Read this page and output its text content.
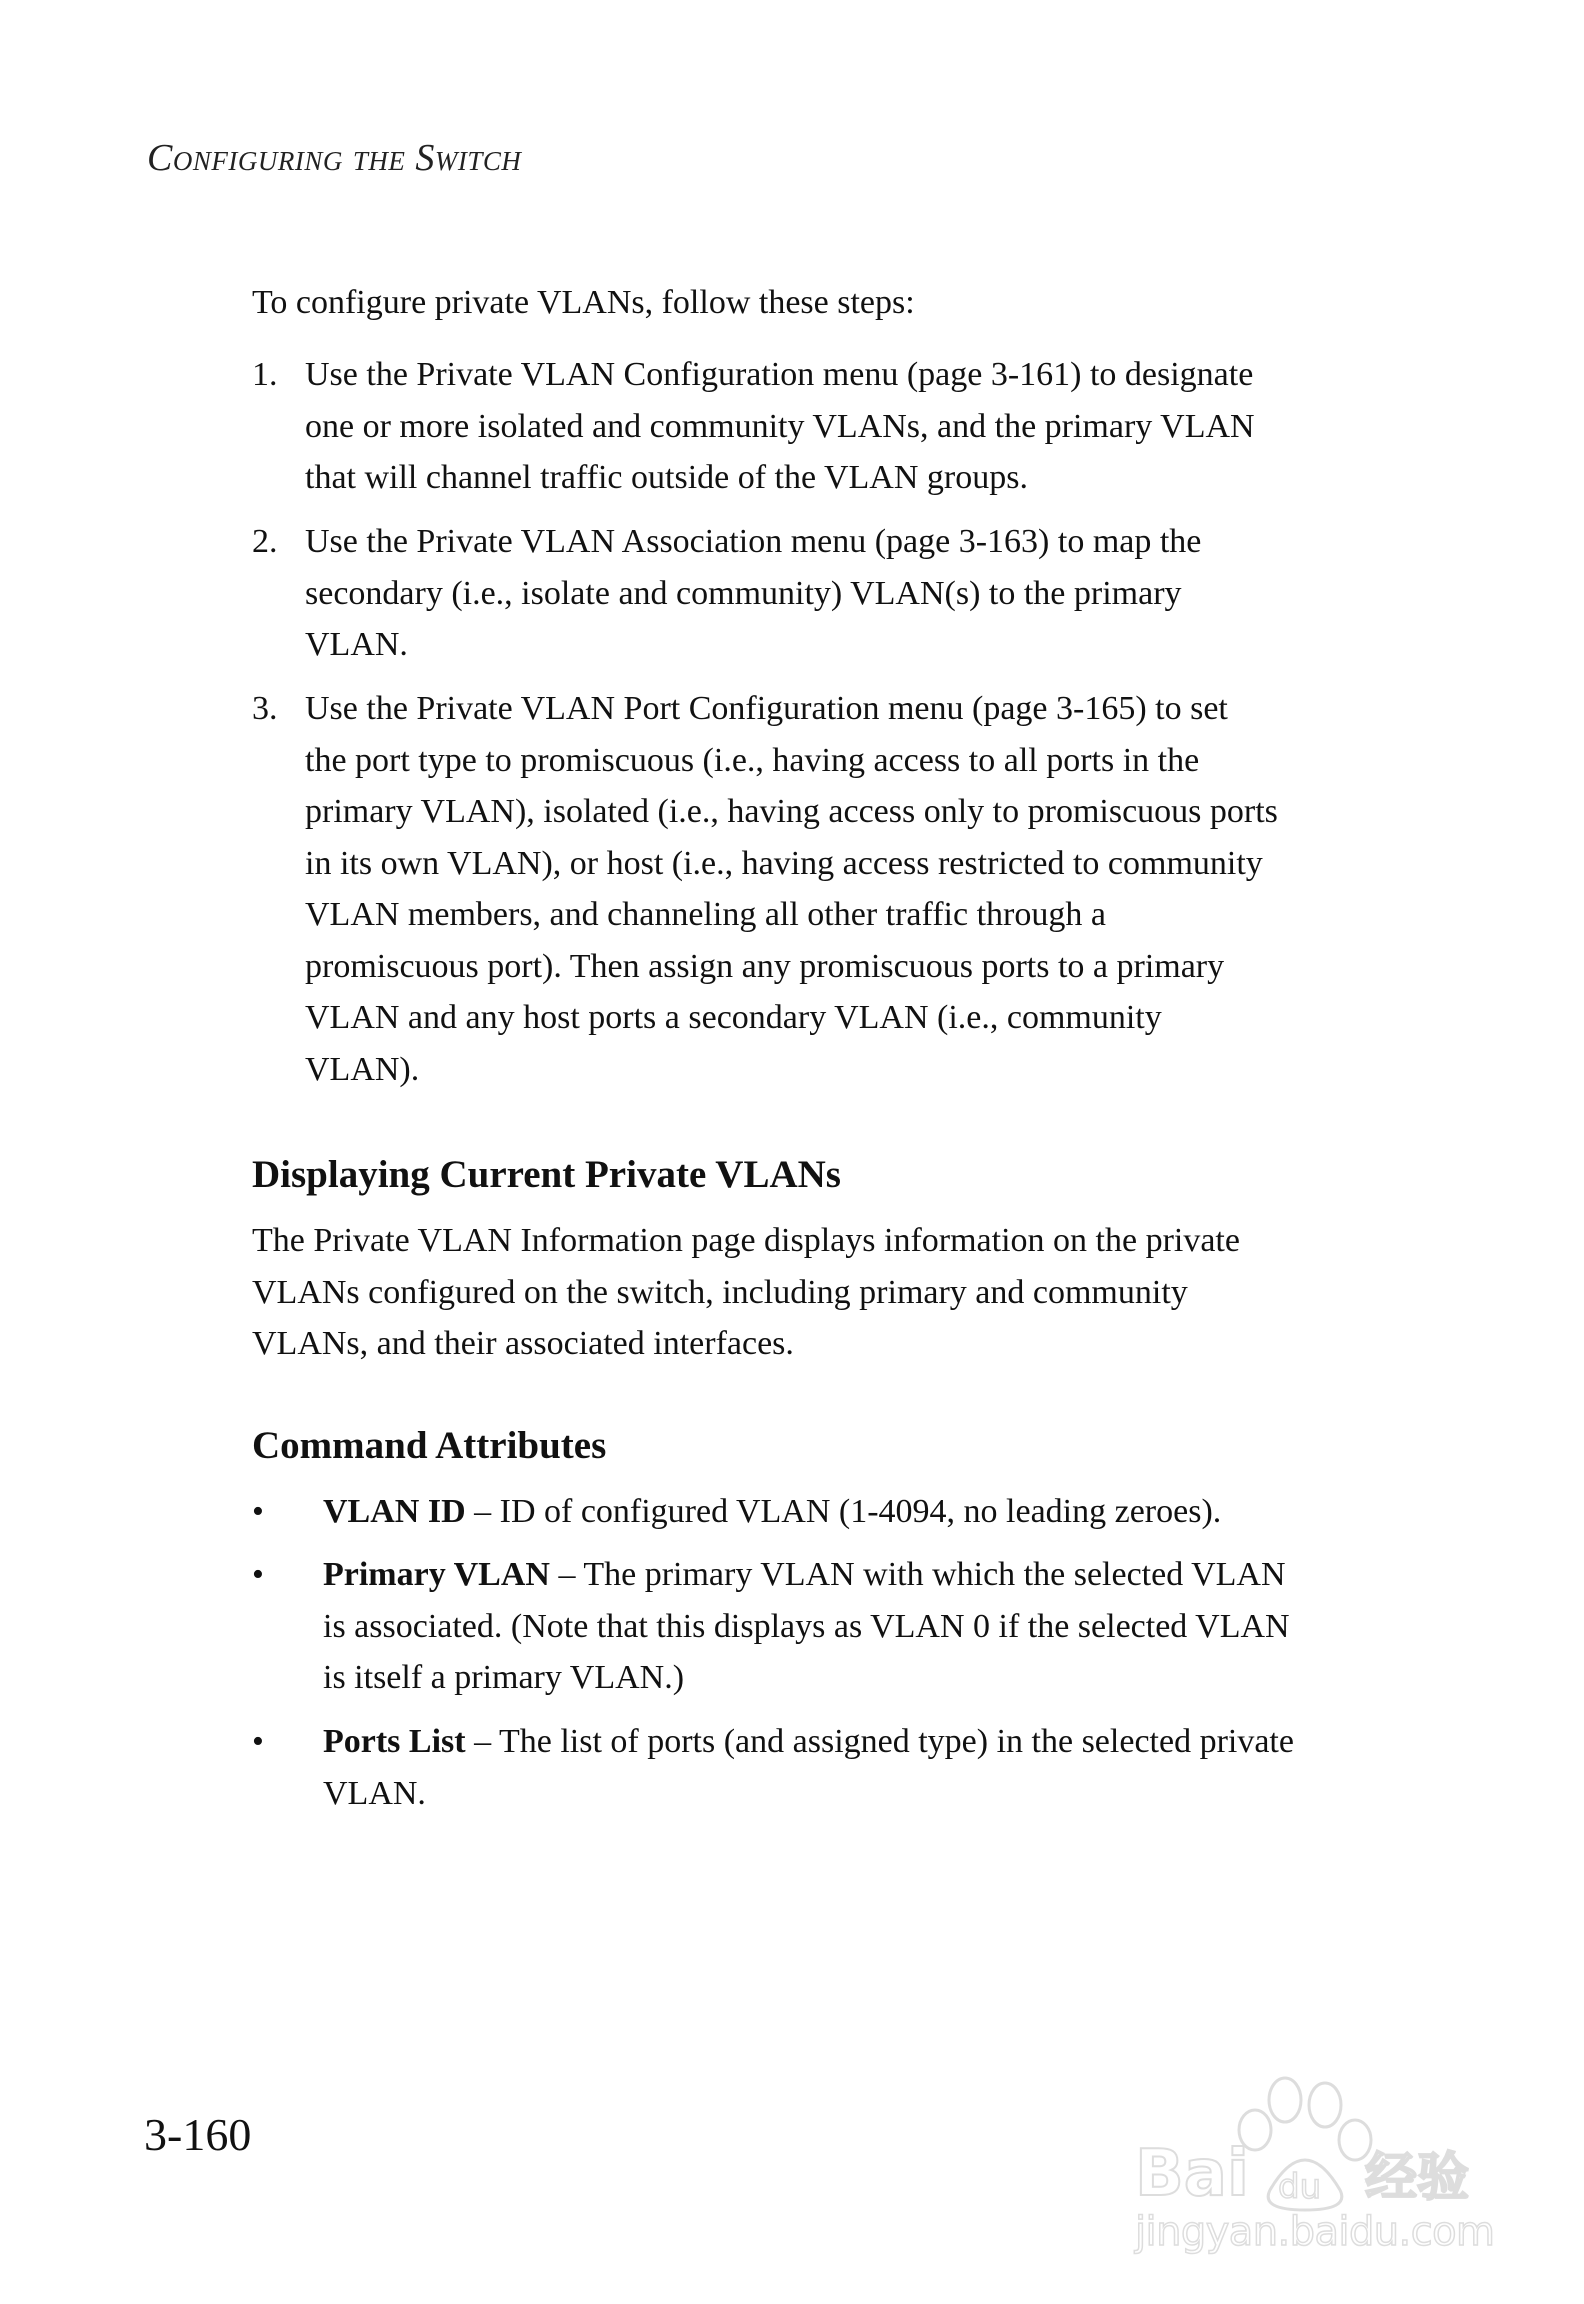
Configuring the Switch
To configure private VLANs, follow these steps:
1. Use the Private VLAN Configuration menu (page 3-161) to designate
one or more isolated and community VLANs, and the primary VLAN
that will channel traffic outside of the VLAN groups.
2. Use the Private VLAN Association menu (page 3-163) to map the
secondary (i.e., isolate and community) VLAN(s) to the primary
VLAN.
3. Use the Private VLAN Port Configuration menu (page 3-165) to set
the port type to promiscuous (i.e., having access to all ports in the
primary VLAN), isolated (i.e., having access only to promiscuous ports
in its own VLAN), or host (i.e., having access restricted to community
VLAN members, and channeling all other traffic through a
promiscuous port). Then assign any promiscuous ports to a primary
VLAN and any host ports a secondary VLAN (i.e., community
VLAN).
Displaying Current Private VLANs
The Private VLAN Information page displays information on the private
VLANs configured on the switch, including primary and community
VLANs, and their associated interfaces.
Command Attributes
• VLAN ID – ID of configured VLAN (1-4094, no leading zeroes).
• Primary VLAN – The primary VLAN with which the selected VLAN
is associated. (Note that this displays as VLAN 0 if the selected VLAN
is itself a primary VLAN.)
• Ports List – The list of ports (and assigned type) in the selected private
VLAN.
3-160
Bai du 经验
jingyan.baidu.com
